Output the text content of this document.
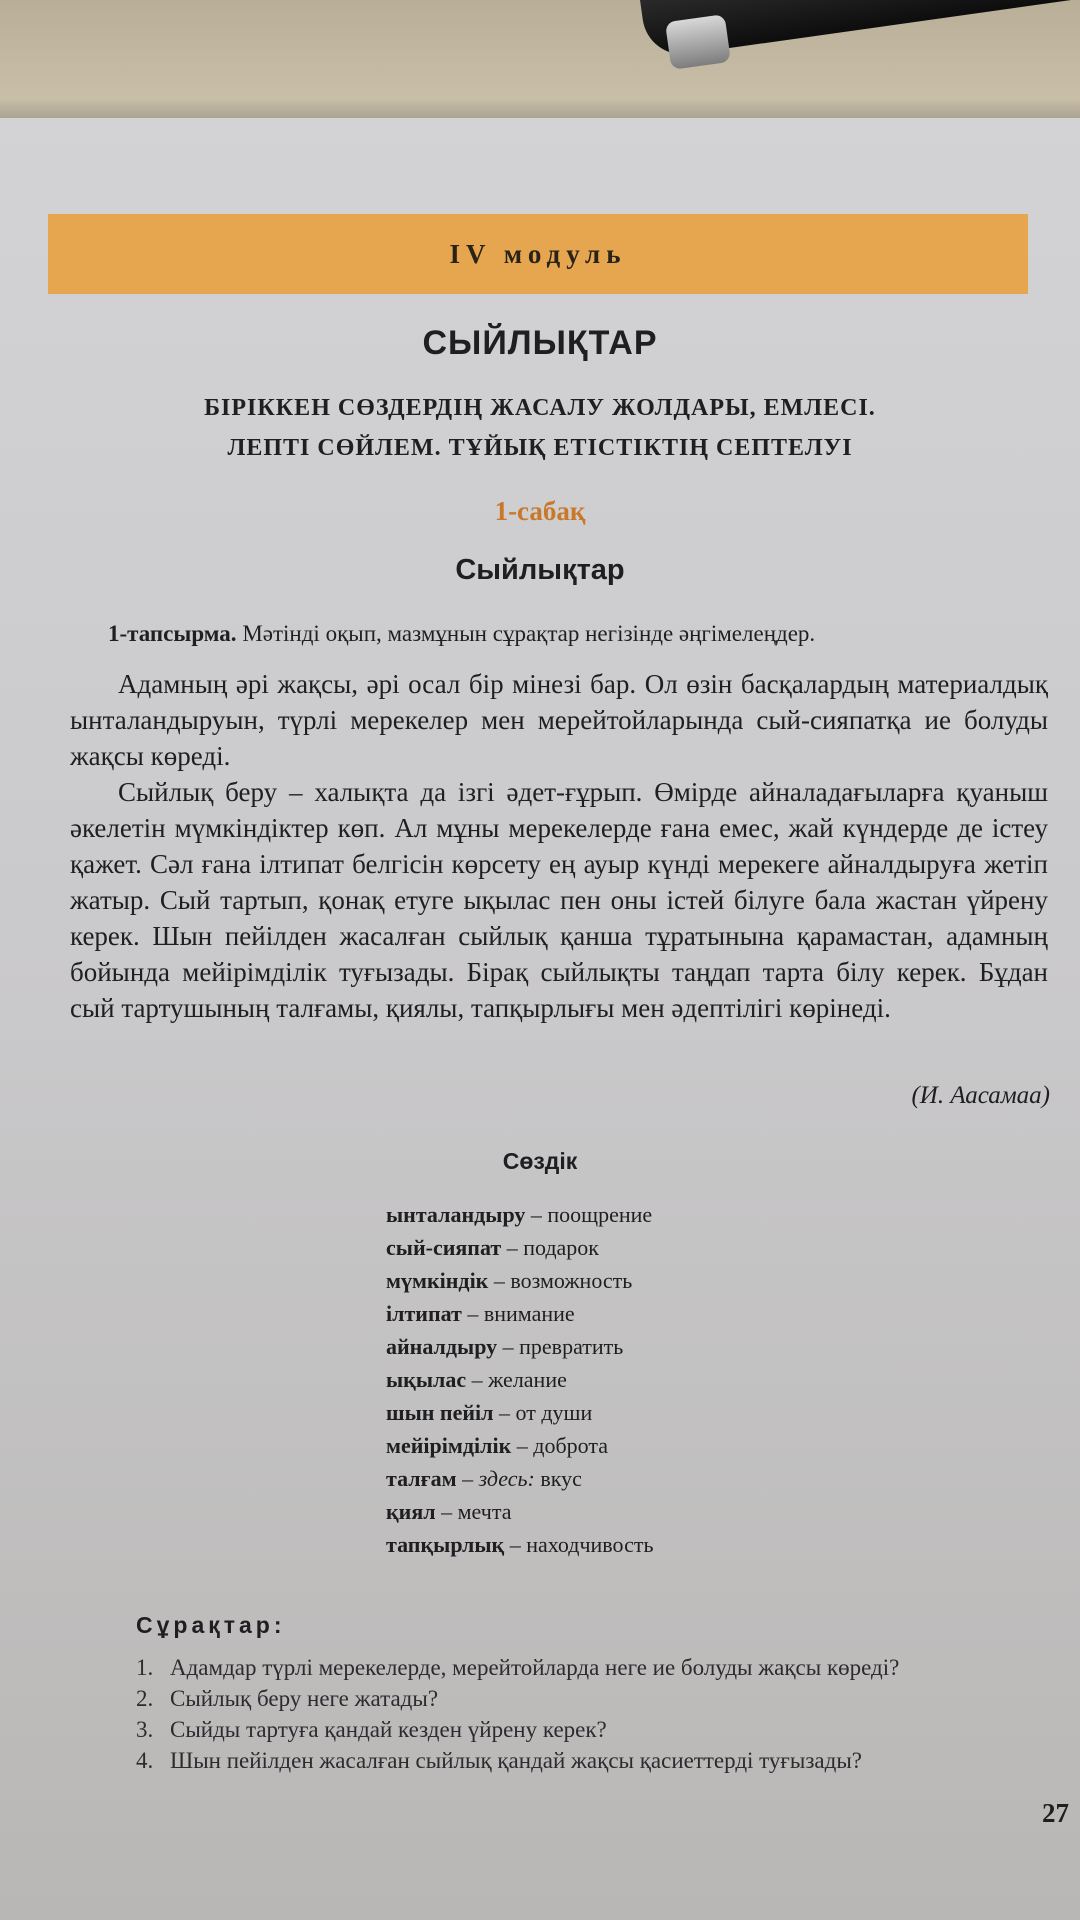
IV модуль
СЫЙЛЫҚТАР
БІРІККЕН СӨЗДЕРДІҢ ЖАСАЛУ ЖОЛДАРЫ, ЕМЛЕСІ.
ЛЕПТІ СӨЙЛЕМ. ТҰЙЫҚ ЕТІСТІКТІҢ СЕПТЕЛУІ
1-сабақ
Сыйлықтар
1-тапсырма. Мәтінді оқып, мазмұнын сұрақтар негізінде әңгімелеңдер.

Адамның әрі жақсы, әрі осал бір мінезі бар. Ол өзін басқалардың материалдық ынталандыруын, түрлі мерекелер мен мерейтойларында сый-сияпатқа ие болуды жақсы көреді.

Сыйлық беру – халықта да ізгі әдет-ғұрып. Өмірде айналадағыларға қуаныш әкелетін мүмкіндіктер көп. Ал мұны мерекелерде ғана емес, жай күндерде де істеу қажет. Сәл ғана ілтипат белгісін көрсету ең ауыр күнді мерекеге айналдыруға жетіп жатыр. Сый тартып, қонақ етуге ықылас пен оны істей білуге бала жастан үйрену керек. Шын пейілден жасалған сыйлық қанша тұратынына қарамастан, адамның бойында мейірімділік туғызады. Бірақ сыйлықты таңдап тарта білу керек. Бұдан сый тартушының талғамы, қиялы, тапқырлығы мен әдептілігі көрінеді.

(И. Аасамаа)
Сөздік
ынталандыру – поощрение
сый-сияпат – подарок
мүмкіндік – возможность
ілтипат – внимание
айналдыру – превратить
ықылас – желание
шын пейіл – от души
мейірімділік – доброта
талғам – здесь: вкус
қиял – мечта
тапқырлық – находчивость
Сұрақтар:
1. Адамдар түрлі мерекелерде, мерейтойларда неге ие болуды жақсы көреді?
2. Сыйлық беру неге жатады?
3. Сыйды тартуға қандай кезден үйрену керек?
4. Шын пейілден жасалған сыйлық қандай жақсы қасиеттерді туғызады?
27
